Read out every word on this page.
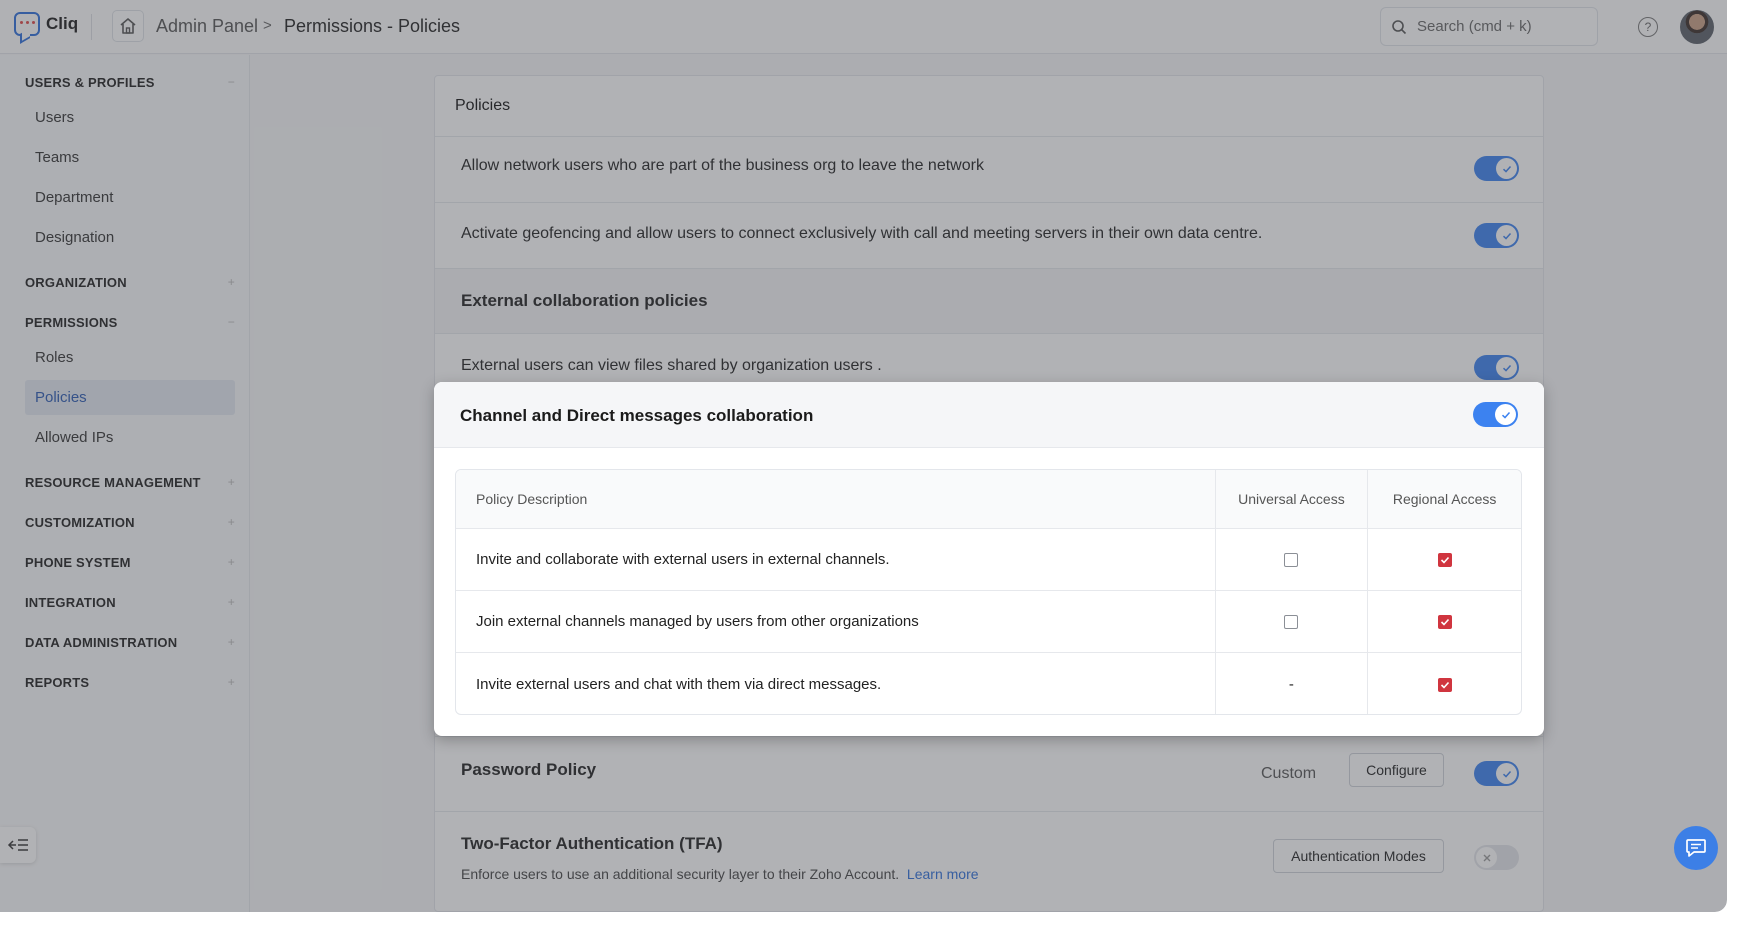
Cliq	Admin Panel > Permissions - Policies
Search (cmd + k)	?
USERS & PROFILES	−
Users
Teams
Department
Designation
ORGANIZATION	+
PERMISSIONS	−
Roles
Policies
Allowed IPs
RESOURCE MANAGEMENT +
CUSTOMIZATION	+
PHONE SYSTEM	+
INTEGRATION	+
DATA ADMINISTRATION	+
REPORTS	+
Policies
Allow network users who are part of the business org to leave the network
Activate geofencing and allow users to connect exclusively with call and meeting servers in their own data centre.
External collaboration policies
External users can view files shared by organization users .
Password Policy	Custom	Configure
Two-Factor Authentication (TFA)
Enforce users to use an additional security layer to their Zoho Account. Learn more
Authentication Modes
Channel and Direct messages collaboration
Policy Description	Universal Access	Regional Access
Invite and collaborate with external users in external channels.
Join external channels managed by users from other organizations
Invite external users and chat with them via direct messages.	-
